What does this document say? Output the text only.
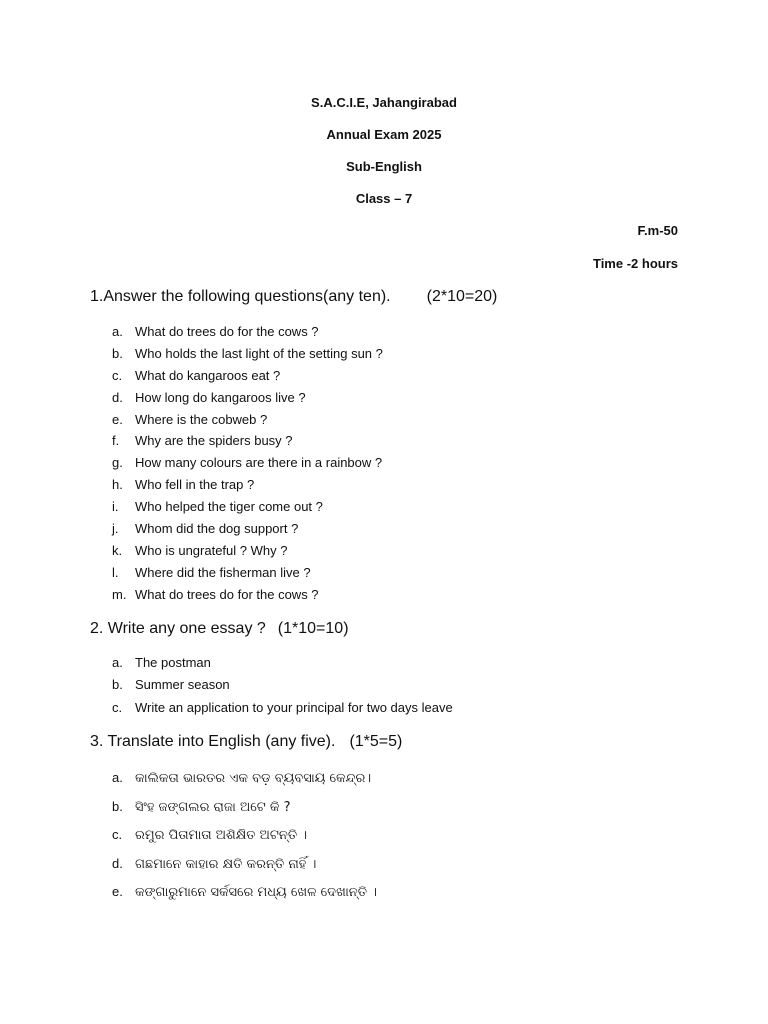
S.A.C.I.E, Jahangirabad
Annual Exam 2025
Sub-English
Class – 7
F.m-50
Time -2 hours
1.Answer the following questions(any ten). (2*10=20)
a. What do trees do for the cows ?
b. Who holds the last light of the setting sun ?
c. What do kangaroos eat ?
d. How long do kangaroos live ?
e. Where is the cobweb ?
f.	Why are the spiders busy ?
g. How many colours are there in a rainbow ?
h. Who fell in the trap ?
i.	Who helped the tiger come out ?
j.	Whom did the dog support ?
k. Who is ungrateful ? Why ?
l.	Where did the fisherman live ?
m. What do trees do for the cows ?
2. Write any one essay ? (1*10=10)
a. The postman
b. Summer season
c. Write an application to your principal for two days leave
3. Translate into English (any five). (1*5=5)
a. କାଲିକତା ଭାରତର ଏକ ବଡ଼ ବ୍ୟବସାୟ କେନ୍ଦ୍ର।
b. ସିଂହ ଜଙ୍ଗଲର ରାଜା ଅଟେ କି ?
c. ରମୁର ପିତାମାତା ଅଶିକ୍ଷିତ ଅଟନ୍ତି ।
d. ଗଛମାନେ କାହାର କ୍ଷତି କରନ୍ତି ନାହିଁ ।
e. କଙ୍ଗାରୁମାନେ ସର୍କସରେ ମଧ୍ୟ ଖେଳ ଦେଖାନ୍ତି ।
